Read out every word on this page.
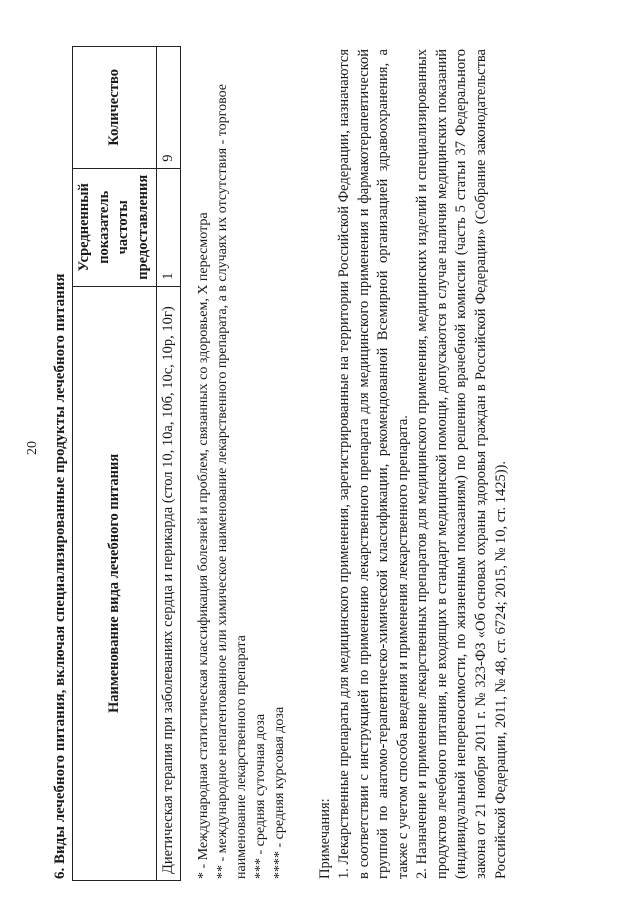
20 6. Виды лечебного питания, включая специализированные продукты лечебного питания	Наименование вида лечебного питания	Усредненный показатель частоты предоставления	Количество
Диетическая терапия при заболеваниях сердца и перикарда (стол 10, 10а, 10б, 10с, 10р, 10г)	1	9
* - Международная статистическая классификация болезней и проблем, связанных со здоровьем, X пересмотра ** - международное непатентованное или химическое наименование лекарственного препарата, а в случаях их отсутствия - торговое наименование лекарственного препарата *** - средняя суточная доза **** - средняя курсовая доза Примечания: 1. Лекарственные препараты для медицинского применения, зарегистрированные на территории Российской Федерации, назначаются в соответствии с инструкцией по применению лекарственного препарата для медицинского применения и фармакотерапевтической группой по анатомо-терапевтическо-химической классификации, рекомендованной Всемирной организацией здравоохранения, а также с учетом способа введения и применения лекарственного препарата. 2. Назначение и применение лекарственных препаратов для медицинского применения, медицинских изделий и специализированных продуктов лечебного питания, не входящих в стандарт медицинской помощи, допускаются в случае наличия медицинских показаний (индивидуальной непереносимости, по жизненным показаниям) по решению врачебной комиссии (часть 5 статьи 37 Федерального закона от 21 ноября 2011 г. № 323-ФЗ «Об основах охраны здоровья граждан в Российской Федерации» (Собрание законодательства Российской Федерации, 2011, № 48, ст. 6724; 2015, № 10, ст. 1425)).
